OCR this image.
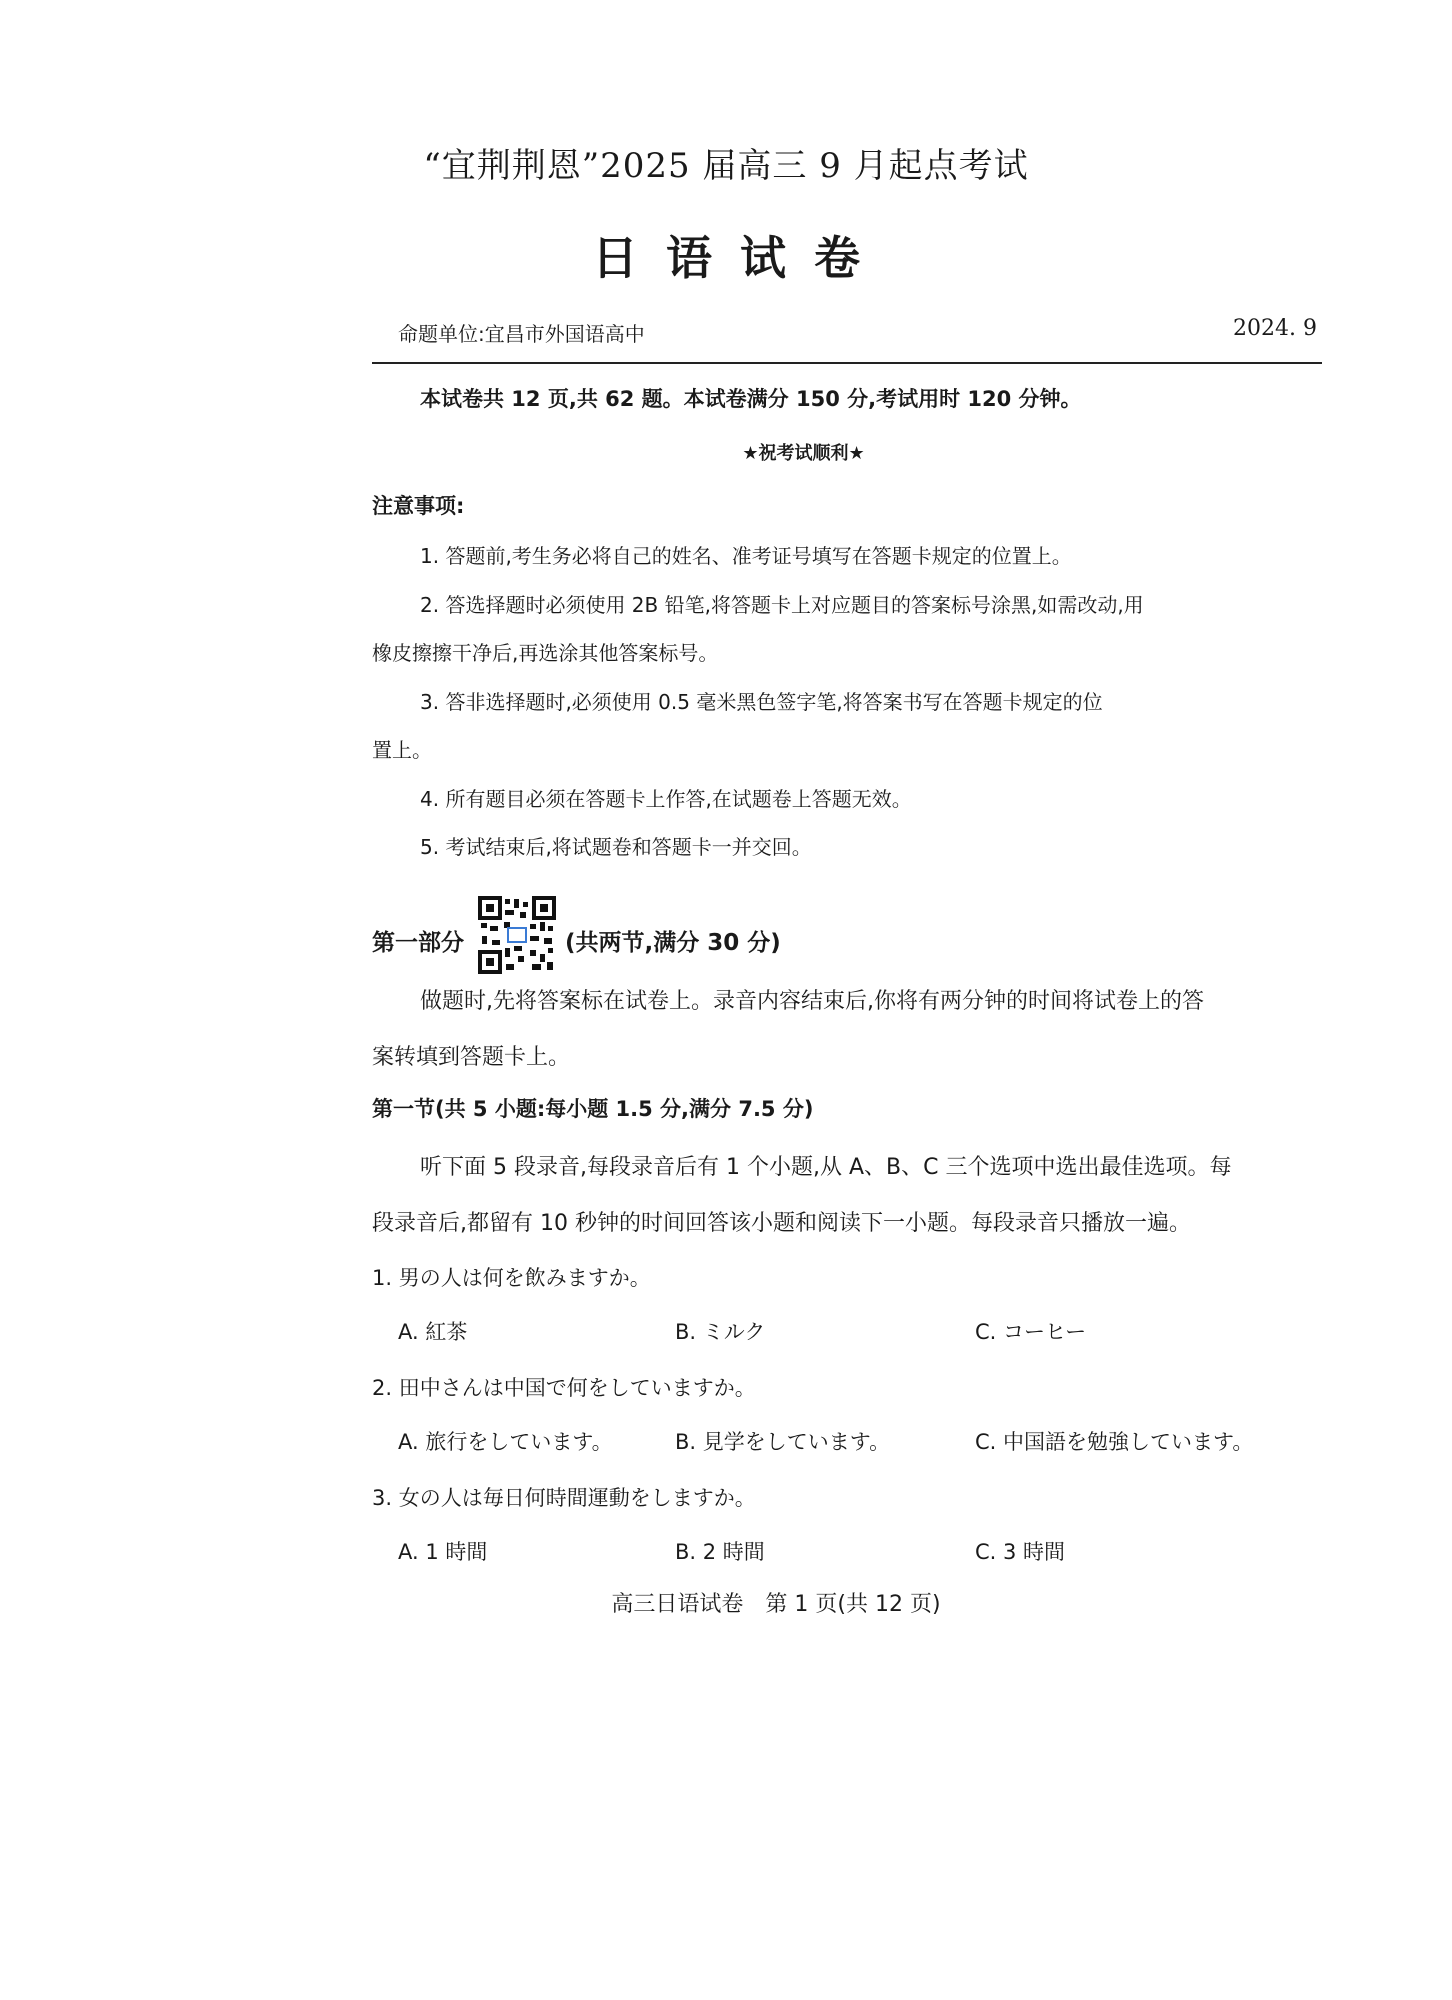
“宜荆荆恩”2025 届高三 9 月起点考试
日语试卷
命题单位:宜昌市外国语高中	2024. 9
本试卷共 12 页,共 62 题。本试卷满分 150 分,考试用时 120 分钟。
★祝考试顺利★
注意事项:
1. 答题前,考生务必将自己的姓名、准考证号填写在答题卡规定的位置上。
2. 答选择题时必须使用 2B 铅笔,将答题卡上对应题目的答案标号涂黑,如需改动,用
橡皮擦擦干净后,再选涂其他答案标号。
3. 答非选择题时,必须使用 0.5 毫米黑色签字笔,将答案书写在答题卡规定的位
置上。
4. 所有题目必须在答题卡上作答,在试题卷上答题无效。
5. 考试结束后,将试题卷和答题卡一并交回。
第一部分	(共两节,满分 30 分)
做题时,先将答案标在试卷上。录音内容结束后,你将有两分钟的时间将试卷上的答
案转填到答题卡上。
第一节(共 5 小题:每小题 1.5 分,满分 7.5 分)
听下面 5 段录音,每段录音后有 1 个小题,从 A、B、C 三个选项中选出最佳选项。每
段录音后,都留有 10 秒钟的时间回答该小题和阅读下一小题。每段录音只播放一遍。
1. 男の人は何を飲みますか。
A. 紅茶	B. ミルク	C. コーヒー
2. 田中さんは中国で何をしていますか。
A. 旅行をしています。	B. 見学をしています。	C. 中国語を勉強しています。
3. 女の人は毎日何時間運動をしますか。
A. 1 時間	B. 2 時間	C. 3 時間
高三日语试卷　第 1 页(共 12 页)
